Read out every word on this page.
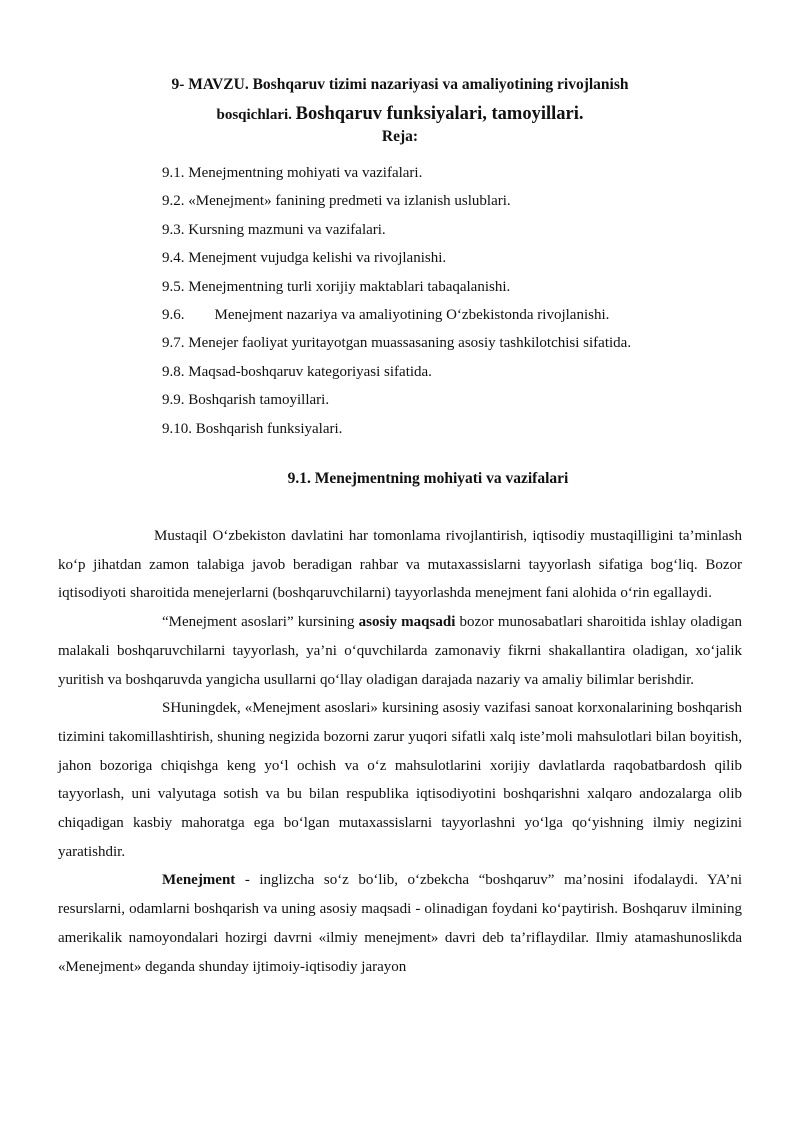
9- MAVZU. Boshqaruv tizimi nazariyasi va amaliyotining rivojlanish
bosqichlari. Boshqaruv funksiyalari, tamoyillari.
Reja:
9.1. Menejmentning mohiyati va vazifalari.
9.2. «Menejment» fanining predmeti va izlanish uslublari.
9.3. Kursning mazmuni va vazifalari.
9.4. Menejment vujudga kelishi va rivojlanishi.
9.5. Menejmentning turli xorijiy maktablari tabaqalanishi.
9.6. Menejment nazariya va amaliyotining O‘zbekistonda rivojlanishi.
9.7. Menejer faoliyat yuritayotgan muassasaning asosiy tashkilotchisi sifatida.
9.8. Maqsad-boshqaruv kategoriyasi sifatida.
9.9. Boshqarish tamoyillari.
9.10. Boshqarish funksiyalari.
9.1. Menejmentning mohiyati va vazifalari

Mustaqil O‘zbekiston davlatini har tomonlama rivojlantirish, iqtisodiy mustaqilligini ta’minlash ko‘p jihatdan zamon talabiga javob beradigan rahbar va mutaxassislarni tayyorlash sifatiga bog‘liq. Bozor iqtisodiyoti sharoitida menejerlarni (boshqaruvchilarni) tayyorlashda menejment fani alohida o‘rin egallaydi.

“Menejment asoslari” kursining asosiy maqsadi bozor munosabatlari sharoitida ishlay oladigan malakali boshqaruvchilarni tayyorlash, ya’ni o‘quvchilarda zamonaviy fikrni shakallantira oladigan, xo‘jalik yuritish va boshqaruvda yangicha usullarni qo‘llay oladigan darajada nazariy va amaliy bilimlar berishdir.

SHuningdek, «Menejment asoslari» kursining asosiy vazifasi sanoat korxonalarining boshqarish tizimini takomillashtirish, shuning negizida bozorni zarur yuqori sifatli xalq iste’moli mahsulotlari bilan boyitish, jahon bozoriga chiqishga keng yo‘l ochish va o‘z mahsulotlarini xorijiy davlatlarda raqobatbardosh qilib tayyorlash, uni valyutaga sotish va bu bilan respublika iqtisodiyotini boshqarishni xalqaro andozalarga olib chiqadigan kasbiy mahoratga ega bo‘lgan mutaxassislarni tayyorlashni yo‘lga qo‘yishning ilmiy negizini yaratishdir.

Menejment - inglizcha so‘z bo‘lib, o‘zbekcha “boshqaruv” ma’nosini ifodalaydi. YA’ni resurslarni, odamlarni boshqarish va uning asosiy maqsadi - olinadigan foydani ko‘paytirish. Boshqaruv ilmining amerikalik namoyondalari hozirgi davrni «ilmiy menejment» davri deb ta’riflaydilar. Ilmiy atamashunoslikda «Menejment» deganda shunday ijtimoiy-iqtisodiy jarayon
